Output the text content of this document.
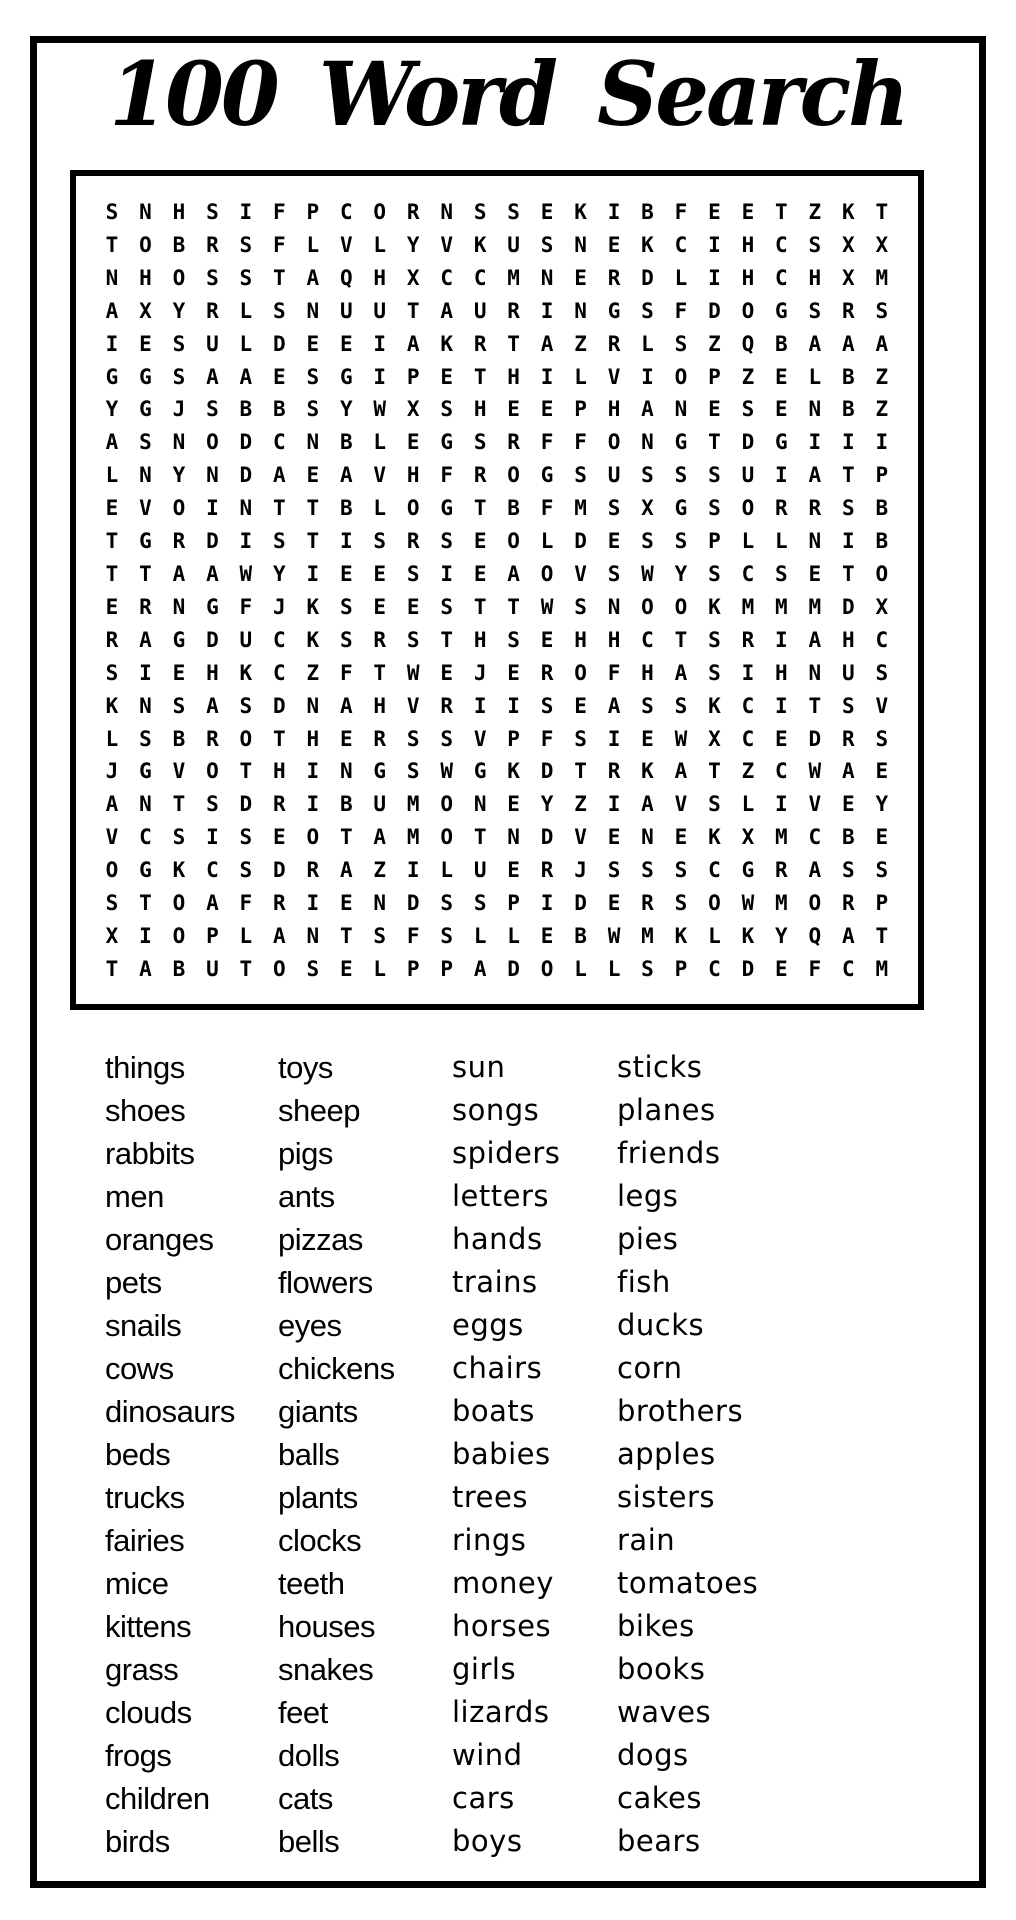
100 Word Search
S N H S I F P C O R N S S E K I B F E E T Z K T
T O B R S F L V L Y V K U S N E K C I H C S X X
N H O S S T A Q H X C C M N E R D L I H C H X M
A X Y R L S N U U T A U R I N G S F D O G S R S
I E S U L D E E I A K R T A Z R L S Z Q B A A A
G G S A A E S G I P E T H I L V I O P Z E L B Z
Y G J S B B S Y W X S H E E P H A N E S E N B Z
A S N O D C N B L E G S R F F O N G T D G I I I
L N Y N D A E A V H F R O G S U S S S U I A T P
E V O I N T T B L O G T B F M S X G S O R R S B
T G R D I S T I S R S E O L D E S S P L L N I B
T T A A W Y I E E S I E A O V S W Y S C S E T O
E R N G F J K S E E S T T W S N O O K M M M D X
R A G D U C K S R S T H S E H H C T S R I A H C
S I E H K C Z F T W E J E R O F H A S I H N U S
K N S A S D N A H V R I I S E A S S K C I T S V
L S B R O T H E R S S V P F S I E W X C E D R S
J G V O T H I N G S W G K D T R K A T Z C W A E
A N T S D R I B U M O N E Y Z I A V S L I V E Y
V C S I S E O T A M O T N D V E N E K X M C B E
O G K C S D R A Z I L U E R J S S S C G R A S S
S T O A F R I E N D S S P I D E R S O W M O R P
X I O P L A N T S F S L L E B W M K L K Y Q A T
T A B U T O S E L P P A D O L L S P C D E F C M
things
shoes
rabbits
men
oranges
pets
snails
cows
dinosaurs
beds
trucks
fairies
mice
kittens
grass
clouds
frogs
children
birds
toys
sheep
pigs
ants
pizzas
flowers
eyes
chickens
giants
balls
plants
clocks
teeth
houses
snakes
feet
dolls
cats
bells
sun
songs
spiders
letters
hands
trains
eggs
chairs
boats
babies
trees
rings
money
horses
girls
lizards
wind
cars
boys
sticks
planes
friends
legs
pies
fish
ducks
corn
brothers
apples
sisters
rain
tomatoes
bikes
books
waves
dogs
cakes
bears
